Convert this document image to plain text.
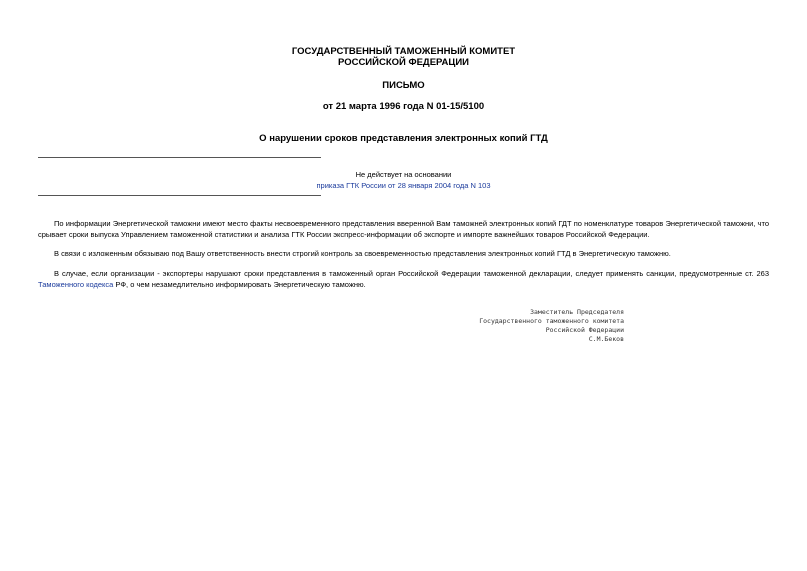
ГОСУДАРСТВЕННЫЙ ТАМОЖЕННЫЙ КОМИТЕТ
РОССИЙСКОЙ ФЕДЕРАЦИИ
ПИСЬМО
от 21 марта 1996 года N 01-15/5100
О нарушении сроков представления электронных копий ГТД
Не действует на основании
приказа ГТК России от 28 января 2004 года N 103

По информации Энергетической таможни имеют место факты несвоевременного представления вверенной Вам таможней электронных копий ГДТ по номенклатуре товаров Энергетической таможни, что срывает сроки выпуска Управлением таможенной статистики и анализа ГТК России экспресс-информации об экспорте и импорте важнейших товаров Российской Федерации.

В связи с изложенным обязываю под Вашу ответственность внести строгий контроль за своевременностью представления электронных копий ГТД в Энергетическую таможню.

В случае, если организации - экспортеры нарушают сроки представления в таможенный орган Российской Федерации таможенной декларации, следует применять санкции, предусмотренные ст. 263 Таможенного кодекса РФ, о чем незамедлительно информировать Энергетическую таможню.

Заместитель Председателя
Государственного таможенного комитета
Российской Федерации
С.М.Беков
